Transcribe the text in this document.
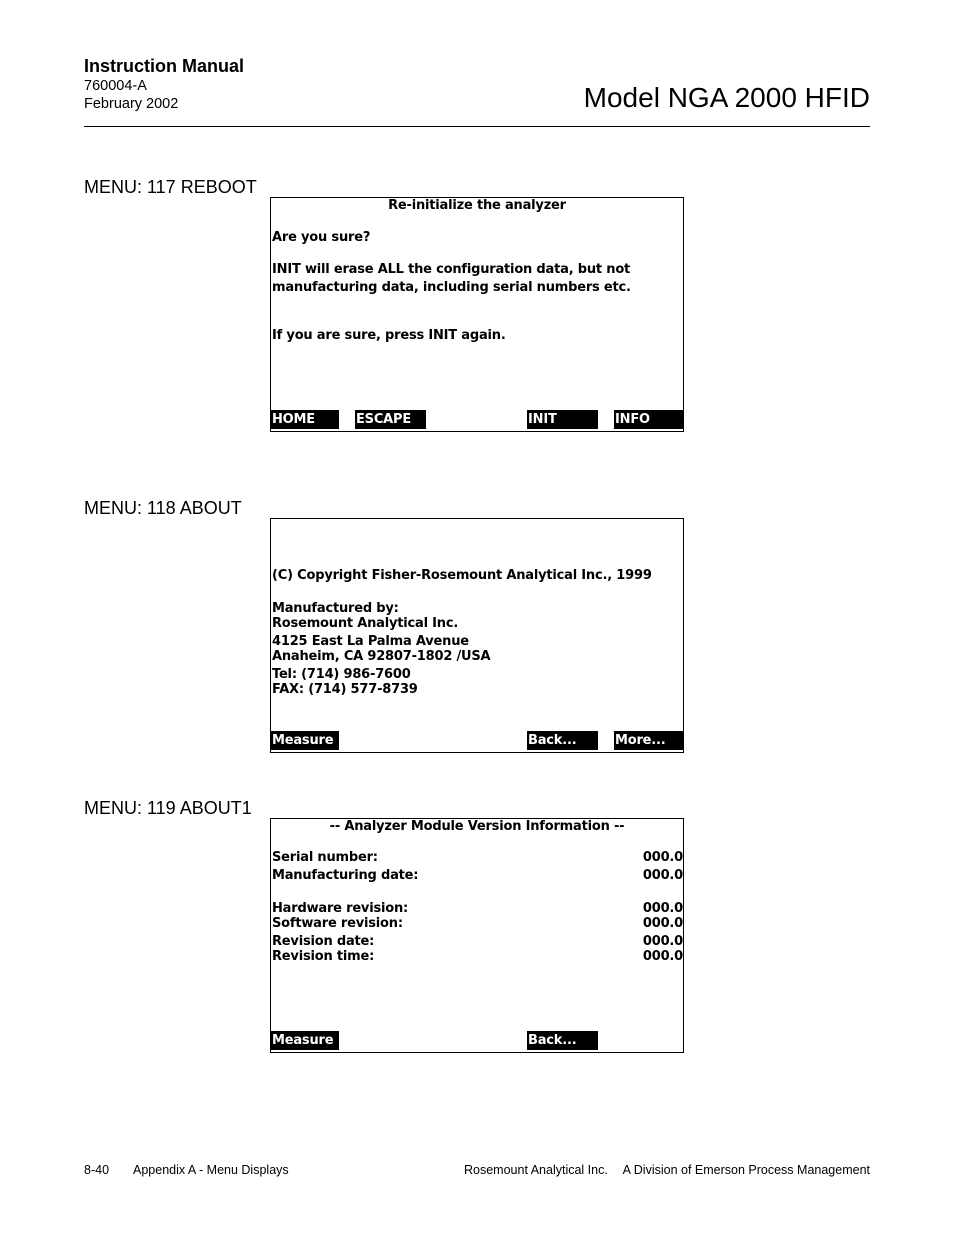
Instruction Manual
760004-A
February 2002	Model NGA 2000 HFID
MENU: 117 REBOOT
Re-initialize the analyzer
Are you sure?
INIT will erase ALL the configuration data, but not
manufacturing data, including serial numbers etc.
If you are sure, press INIT again.
HOME	ESCAPE	INIT	INFO
MENU: 118 ABOUT
(C) Copyright Fisher-Rosemount Analytical Inc., 1999
Manufactured by:
Rosemount Analytical Inc.
4125 East La Palma Avenue
Anaheim, CA 92807-1802 /USA
Tel: (714) 986-7600
FAX: (714) 577-8739
Measure	Back...	More...
MENU: 119 ABOUT1
-- Analyzer Module Version Information --
Serial number:	000.0
Manufacturing date:	000.0
Hardware revision:	000.0
Software revision:	000.0
Revision date:	000.0
Revision time:	000.0
Measure	Back...
8-40 Appendix A - Menu Displays	Rosemount Analytical Inc. A Division of Emerson Process Management
